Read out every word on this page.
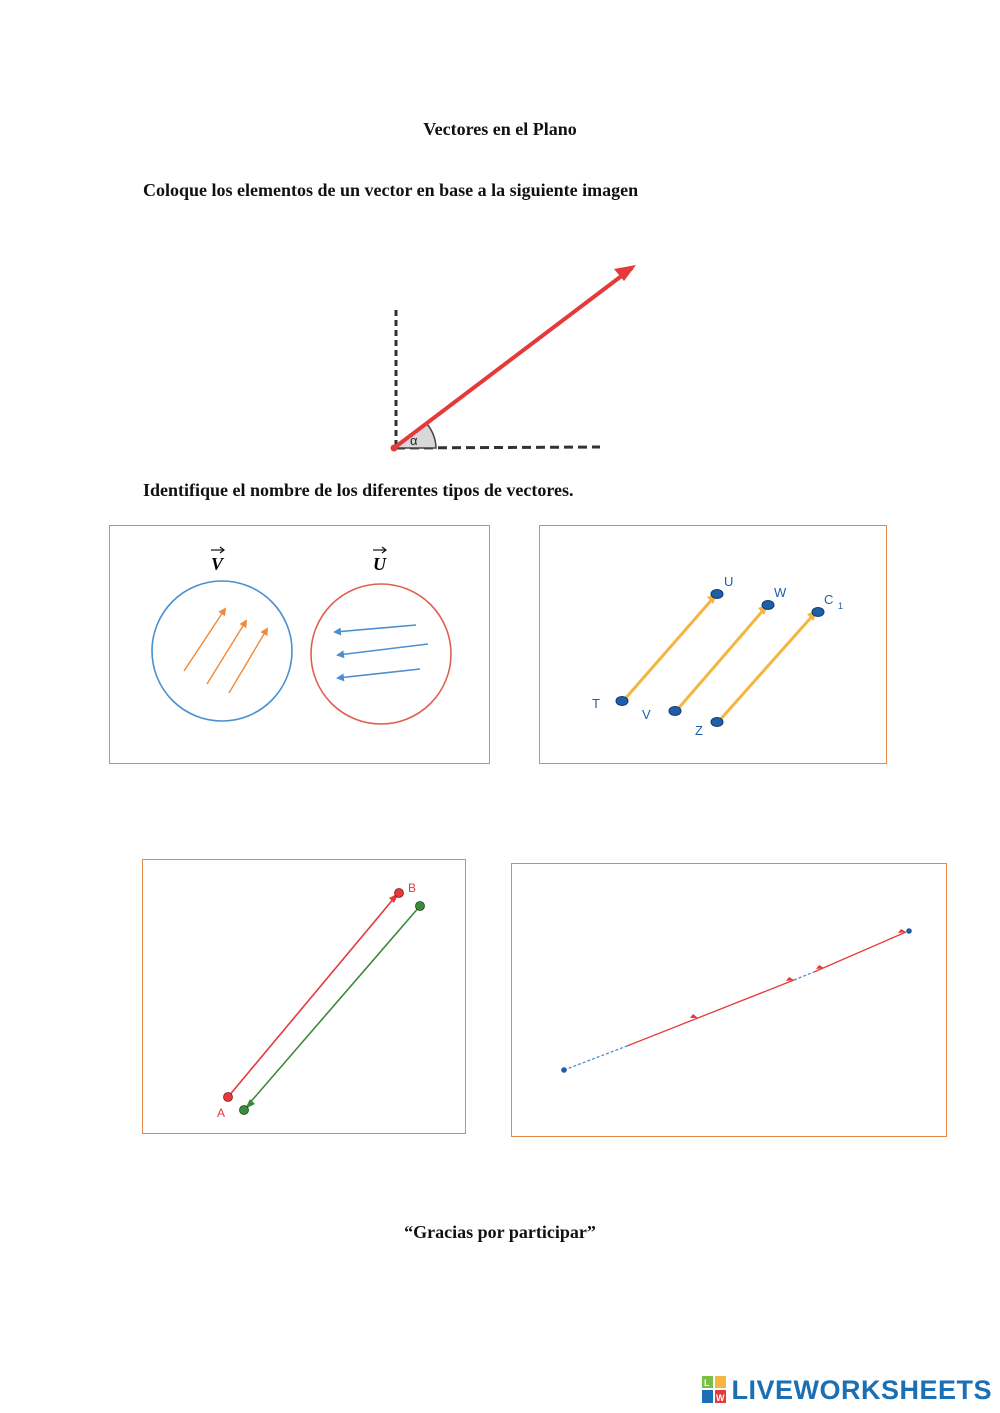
Vectores en el Plano
Coloque los elementos de un vector en base a la siguiente imagen
α
Identifique el nombre de los diferentes tipos de vectores.
V	U
U
W	C 1
T
V
Z
A
B
“Gracias por participar”
L
W LIVEWORKSHEETS
